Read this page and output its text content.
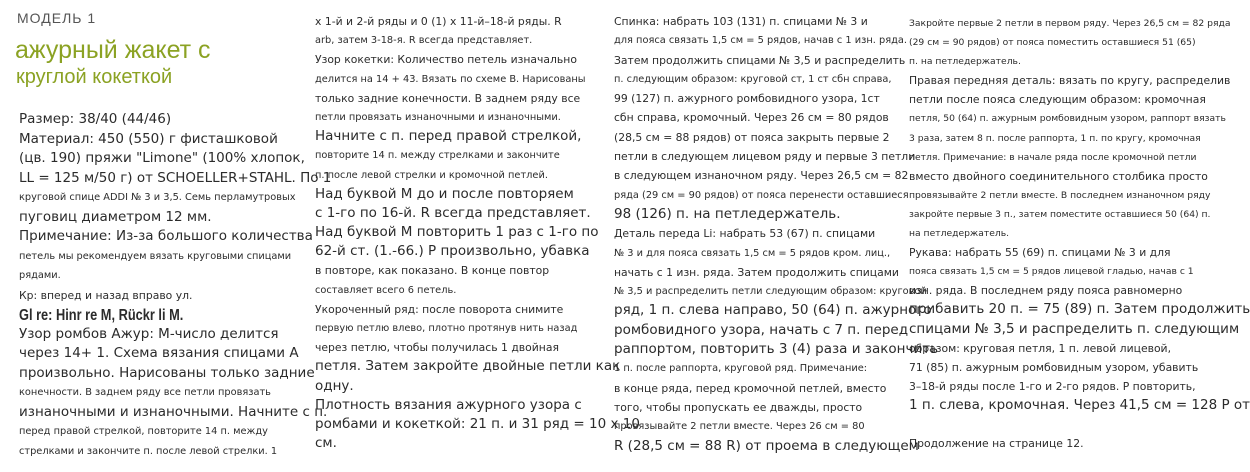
МОДЕЛЬ 1
ажурный жакет с
круглой кокеткой
Размер: 38/40 (44/46)
Материал: 450 (550) г фисташковой
(цв. 190) пряжи "Limone" (100% хлопок,
LL = 125 м/50 г) от SCHOELLER+STAHL. По 1
круговой спице ADDI № 3 и 3,5. Семь перламутровых
пуговиц диаметром 12 мм.
Примечание: Из-за большого количества
петель мы рекомендуем вязать круговыми спицами
рядами.
Кр: вперед и назад вправо ул.
Gl re: Hinr re M, Rückr li M.
Узор ромбов Ажур: М-число делится
через 14+ 1. Схема вязания спицами А
произвольно. Нарисованы только задние
конечности. В заднем ряду все петли провязать
изнаночными и изнаночными. Начните с п.
перед правой стрелкой, повторите 14 п. между
стрелками и закончите п. после левой стрелки. 1
х 1-й и 2-й ряды и 0 (1) х 11-й–18-й ряды. R
arb, затем 3-18-я. R всегда представляет.
Узор кокетки: Количество петель изначально
делится на 14 + 43. Вязать по схеме B. Нарисованы
только задние конечности. В заднем ряду все
петли провязать изнаночными и изнаночными.
Начните с п. перед правой стрелкой,
повторите 14 п. между стрелками и закончите
п. после левой стрелки и кромочной петлей.
Над буквой М до и после повторяем
с 1-го по 16-й. R всегда представляет.
Над буквой М повторить 1 раз с 1-го по
62-й ст. (1.-66.) Р произвольно, убавка
в повторе, как показано. В конце повтор
составляет всего 6 петель.
Укороченный ряд: после поворота снимите
первую петлю влево, плотно протянув нить назад
через петлю, чтобы получилась 1 двойная
петля. Затем закройте двойные петли как
одну.
Плотность вязания ажурного узора с
ромбами и кокеткой: 21 п. и 31 ряд = 10 х 10
см.
Спинка: набрать 103 (131) п. спицами № 3 и
для пояса связать 1,5 см = 5 рядов, начав с 1 изн. ряда.
Затем продолжить спицами № 3,5 и распределить
п. следующим образом: круговой ст, 1 ст сбн справа,
99 (127) п. ажурного ромбовидного узора, 1ст
сбн справа, кромочный. Через 26 см = 80 рядов
(28,5 см = 88 рядов) от пояса закрыть первые 2
петли в следующем лицевом ряду и первые 3 петли
в следующем изнаночном ряду. Через 26,5 см = 82
ряда (29 см = 90 рядов) от пояса перенести оставшиеся
98 (126) п. на петледержатель.
Деталь переда Li: набрать 53 (67) п. спицами
№ 3 и для пояса связать 1,5 см = 5 рядов кром. лиц.,
начать с 1 изн. ряда. Затем продолжить спицами
№ 3,5 и распределить петли следующим образом: круговой
ряд, 1 п. слева направо, 50 (64) п. ажурного
ромбовидного узора, начать с 7 п. перед
раппортом, повторить 3 (4) раза и закончить
1 п. после раппорта, круговой ряд. Примечание:
в конце ряда, перед кромочной петлей, вместо
того, чтобы пропускать ее дважды, просто
провязывайте 2 петли вместе. Через 26 см = 80
R (28,5 см = 88 R) от проема в следующем
Закройте первые 2 петли в первом ряду. Через 26,5 см = 82 ряда
(29 см = 90 рядов) от пояса поместить оставшиеся 51 (65)
п. на петледержатель.
Правая передняя деталь: вязать по кругу, распределив
петли после пояса следующим образом: кромочная
петля, 50 (64) п. ажурным ромбовидным узором, раппорт вязать
3 раза, затем 8 п. после раппорта, 1 п. по кругу, кромочная
петля. Примечание: в начале ряда после кромочной петли
вместо двойного соединительного столбика просто
провязывайте 2 петли вместе. В последнем изнаночном ряду
закройте первые 3 п., затем поместите оставшиеся 50 (64) п.
на петледержатель.
Рукава: набрать 55 (69) п. спицами № 3 и для
пояса связать 1,5 см = 5 рядов лицевой гладью, начав с 1
изн. ряда. В последнем ряду пояса равномерно
прибавить 20 п. = 75 (89) п. Затем продолжить
спицами № 3,5 и распределить п. следующим
образом: круговая петля, 1 п. левой лицевой,
71 (85) п. ажурным ромбовидным узором, убавить
3–18-й ряды после 1-го и 2-го рядов. Р повторить,
1 п. слева, кромочная. Через 41,5 см = 128 Р от
Продолжение на странице 12.
